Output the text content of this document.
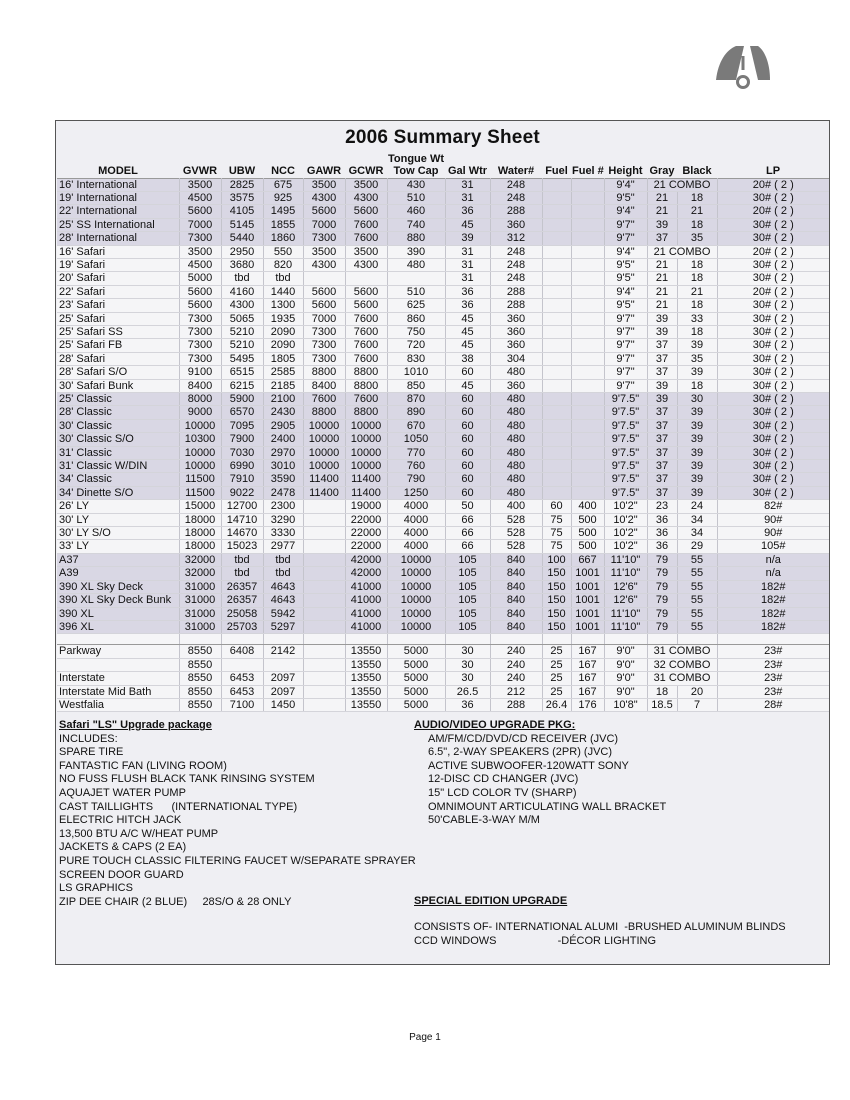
2006 Summary Sheet
MODEL	GVWR	UBW	NCC	GAWR	GCWR	Tongue Wt
Tow Cap	Gal Wtr	Water#	Fuel	Fuel #	Height	Gray	Black	LP
16' International	3500	2825	675	3500	3500	430	31	248			9'4"	21 COMBO		20# ( 2 )
19' International	4500	3575	925	4300	4300	510	31	248			9'5"	21	18	30# ( 2 )
22' International	5600	4105	1495	5600	5600	460	36	288			9'4"	21	21	20# ( 2 )
25' SS International	7000	5145	1855	7000	7600	740	45	360			9'7"	39	18	30# ( 2 )
28' International	7300	5440	1860	7300	7600	880	39	312			9'7"	37	35	30# ( 2 )
16' Safari	3500	2950	550	3500	3500	390	31	248			9'4"	21 COMBO		20# ( 2 )
19' Safari	4500	3680	820	4300	4300	480	31	248			9'5"	21	18	30# ( 2 )
20' Safari	5000	tbd	tbd				31	248			9'5"	21	18	30# ( 2 )
22' Safari	5600	4160	1440	5600	5600	510	36	288			9'4"	21	21	20# ( 2 )
23' Safari	5600	4300	1300	5600	5600	625	36	288			9'5"	21	18	30# ( 2 )
25' Safari	7300	5065	1935	7000	7600	860	45	360			9'7"	39	33	30# ( 2 )
25' Safari SS	7300	5210	2090	7300	7600	750	45	360			9'7"	39	18	30# ( 2 )
25' Safari FB	7300	5210	2090	7300	7600	720	45	360			9'7"	37	39	30# ( 2 )
28' Safari	7300	5495	1805	7300	7600	830	38	304			9'7"	37	35	30# ( 2 )
28' Safari S/O	9100	6515	2585	8800	8800	1010	60	480			9'7"	37	39	30# ( 2 )
30' Safari Bunk	8400	6215	2185	8400	8800	850	45	360			9'7"	39	18	30# ( 2 )
25' Classic	8000	5900	2100	7600	7600	870	60	480			9'7.5"	39	30	30# ( 2 )
28' Classic	9000	6570	2430	8800	8800	890	60	480			9'7.5"	37	39	30# ( 2 )
30' Classic	10000	7095	2905	10000	10000	670	60	480			9'7.5"	37	39	30# ( 2 )
30' Classic S/O	10300	7900	2400	10000	10000	1050	60	480			9'7.5"	37	39	30# ( 2 )
31' Classic	10000	7030	2970	10000	10000	770	60	480			9'7.5"	37	39	30# ( 2 )
31' Classic W/DIN	10000	6990	3010	10000	10000	760	60	480			9'7.5"	37	39	30# ( 2 )
34' Classic	11500	7910	3590	11400	11400	790	60	480			9'7.5"	37	39	30# ( 2 )
34' Dinette S/O	11500	9022	2478	11400	11400	1250	60	480			9'7.5"	37	39	30# ( 2 )
26' LY	15000	12700	2300		19000	4000	50	400	60	400	10'2"	23	24	82#
30' LY	18000	14710	3290		22000	4000	66	528	75	500	10'2"	36	34	90#
30' LY S/O	18000	14670	3330		22000	4000	66	528	75	500	10'2"	36	34	90#
33' LY	18000	15023	2977		22000	4000	66	528	75	500	10'2"	36	29	105#
A37	32000	tbd	tbd		42000	10000	105	840	100	667	11'10"	79	55	n/a
A39	32000	tbd	tbd		42000	10000	105	840	150	1001	11'10"	79	55	n/a
390 XL Sky Deck	31000	26357	4643		41000	10000	105	840	150	1001	12'6"	79	55	182#
390 XL Sky Deck Bunk	31000	26357	4643		41000	10000	105	840	150	1001	12'6"	79	55	182#
390 XL	31000	25058	5942		41000	10000	105	840	150	1001	11'10"	79	55	182#
396 XL	31000	25703	5297		41000	10000	105	840	150	1001	11'10"	79	55	182#

Parkway	8550	6408	2142		13550	5000	30	240	25	167	9'0"	31 COMBO		23#
	8550				13550	5000	30	240	25	167	9'0"	32 COMBO		23#
Interstate	8550	6453	2097		13550	5000	30	240	25	167	9'0"	31 COMBO		23#
Interstate Mid Bath	8550	6453	2097		13550	5000	26.5	212	25	167	9'0"	18	20	23#
Westfalia	8550	7100	1450		13550	5000	36	288	26.4	176	10'8"	18.5	7	28#
Safari "LS" Upgrade package
INCLUDES:
SPARE TIRE
FANTASTIC FAN (LIVING ROOM)
NO FUSS FLUSH BLACK TANK RINSING SYSTEM
AQUAJET WATER PUMP
CAST TAILLIGHTS      (INTERNATIONAL TYPE)
ELECTRIC HITCH JACK
13,500 BTU A/C W/HEAT PUMP
JACKETS & CAPS (2 EA)
PURE TOUCH CLASSIC FILTERING FAUCET W/SEPARATE SPRAYER
SCREEN DOOR GUARD
LS GRAPHICS
ZIP DEE CHAIR (2 BLUE)     28S/O & 28 ONLY
AUDIO/VIDEO UPGRADE PKG:
AM/FM/CD/DVD/CD RECEIVER (JVC)
6.5", 2-WAY SPEAKERS (2PR) (JVC)
ACTIVE SUBWOOFER-120WATT SONY
12-DISC CD CHANGER (JVC)
15" LCD COLOR TV (SHARP)
OMNIMOUNT ARTICULATING WALL BRACKET
50'CABLE-3-WAY M/M
SPECIAL EDITION UPGRADE
CONSISTS OF- INTERNATIONAL ALUMI  -BRUSHED ALUMINUM BLINDS
CCD WINDOWS                    -DÉCOR LIGHTING
Page 1
